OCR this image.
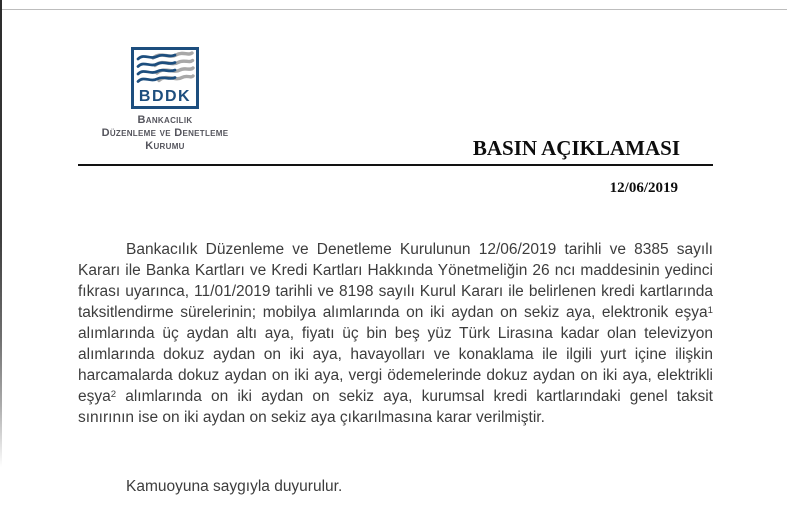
BDDK
Bankacılık
Düzenleme ve Denetleme
Kurumu	BASIN AÇIKLAMASI
12/06/2019
Bankacılık Düzenleme ve Denetleme Kurulunun 12/06/2019 tarihli ve 8385 sayılı Kararı ile Banka Kartları ve Kredi Kartları Hakkında Yönetmeliğin 26 ncı maddesinin yedinci fıkrası uyarınca, 11/01/2019 tarihli ve 8198 sayılı Kurul Kararı ile belirlenen kredi kartlarında taksitlendirme sürelerinin; mobilya alımlarında on iki aydan on sekiz aya, elektronik eşya$^1$ alımlarında üç aydan altı aya, fiyatı üç bin beş yüz Türk Lirasına kadar olan televizyon alımlarında dokuz aydan on iki aya, havayolları ve konaklama ile ilgili yurt içine ilişkin harcamalarda dokuz aydan on iki aya, vergi ödemelerinde dokuz aydan on iki aya, elektrikli eşya$^2$ alımlarında on iki aydan on sekiz aya, kurumsal kredi kartlarındaki genel taksit sınırının ise on iki aydan on sekiz aya çıkarılmasına karar verilmiştir.
Kamuoyuna saygıyla duyurulur.
